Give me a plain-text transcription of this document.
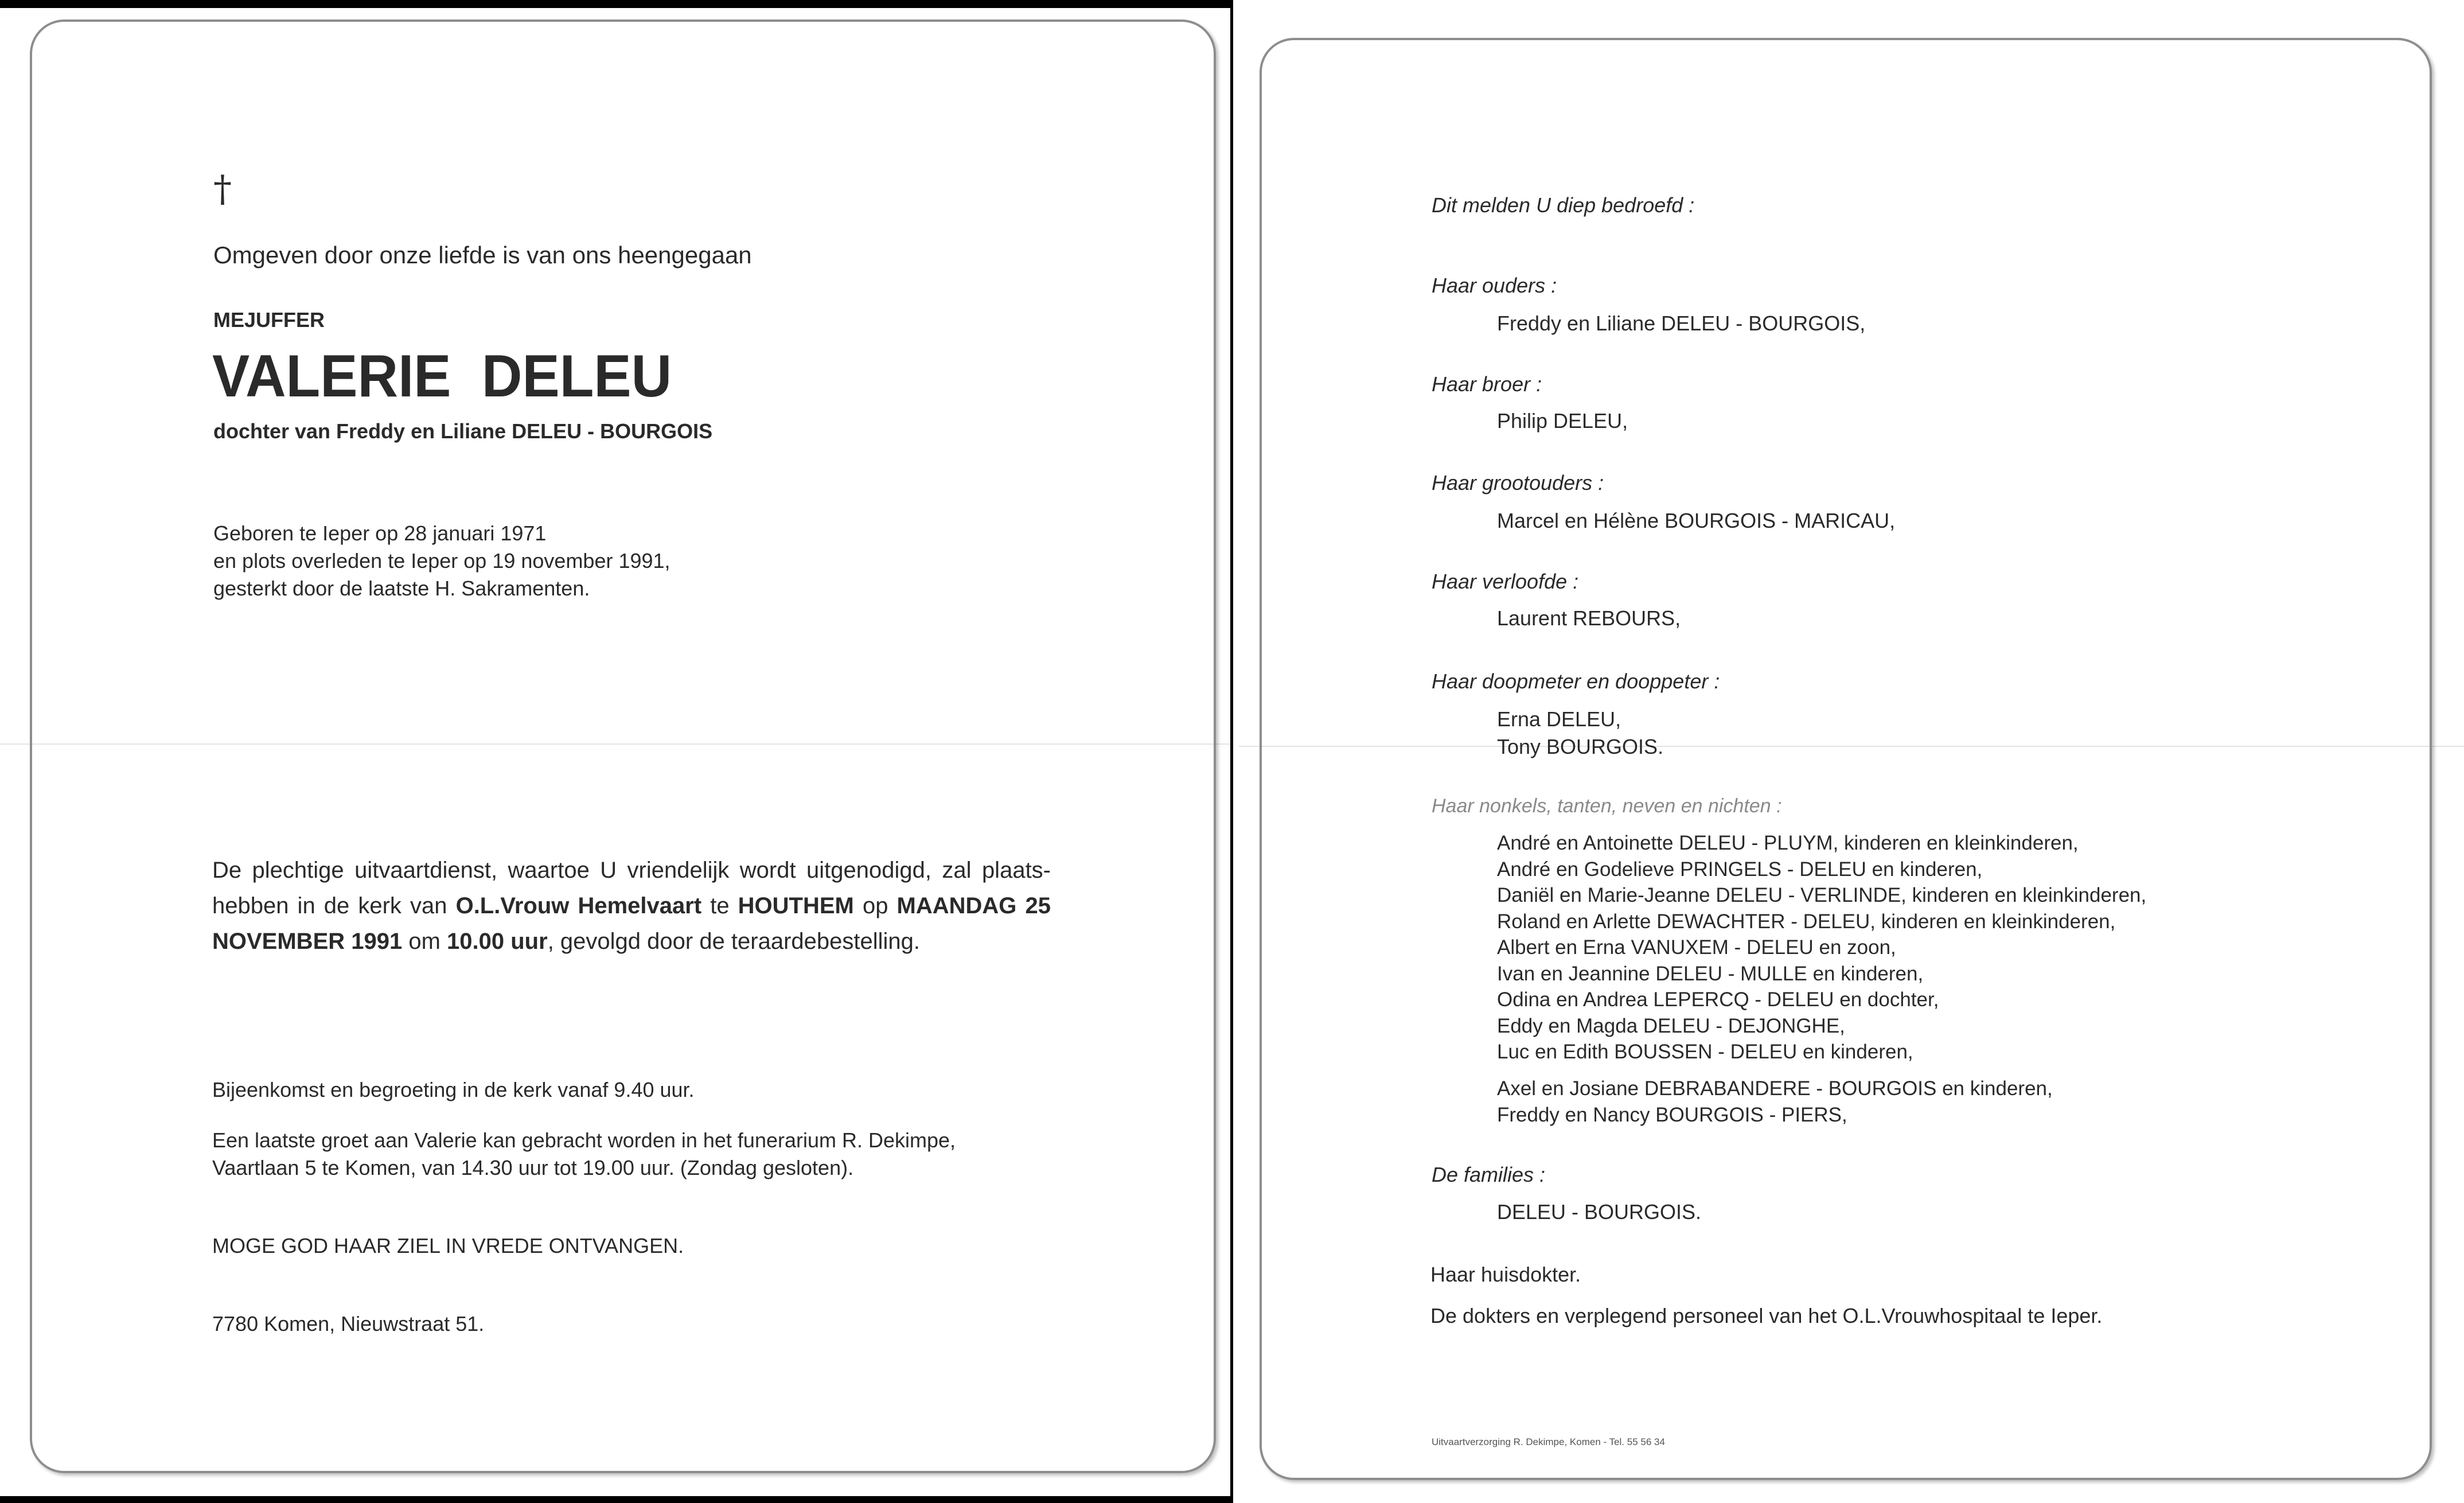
†
Omgeven door onze liefde is van ons heengegaan
MEJUFFER
VALERIE DELEU
dochter van Freddy en Liliane DELEU - BOURGOIS
Geboren te Ieper op 28 januari 1971
en plots overleden te Ieper op 19 november 1991,
gesterkt door de laatste H. Sakramenten.
De plechtige uitvaartdienst, waartoe U vriendelijk wordt uitgenodigd, zal plaats-hebben in de kerk van O.L.Vrouw Hemelvaart te HOUTHEM op MAANDAG 25 NOVEMBER 1991 om 10.00 uur, gevolgd door de teraardebestelling.
Bijeenkomst en begroeting in de kerk vanaf 9.40 uur.
Een laatste groet aan Valerie kan gebracht worden in het funerarium R. Dekimpe,
Vaartlaan 5 te Komen, van 14.30 uur tot 19.00 uur. (Zondag gesloten).
MOGE GOD HAAR ZIEL IN VREDE ONTVANGEN.
7780 Komen, Nieuwstraat 51.
Dit melden U diep bedroefd :
Haar ouders :
Freddy en Liliane DELEU - BOURGOIS,
Haar broer :
Philip DELEU,
Haar grootouders :
Marcel en Hélène BOURGOIS - MARICAU,
Haar verloofde :
Laurent REBOURS,
Haar doopmeter en dooppeter :
Erna DELEU,
Tony BOURGOIS.
Haar nonkels, tanten, neven en nichten :
André en Antoinette DELEU - PLUYM, kinderen en kleinkinderen,
André en Godelieve PRINGELS - DELEU en kinderen,
Daniël en Marie-Jeanne DELEU - VERLINDE, kinderen en kleinkinderen,
Roland en Arlette DEWACHTER - DELEU, kinderen en kleinkinderen,
Albert en Erna VANUXEM - DELEU en zoon,
Ivan en Jeannine DELEU - MULLE en kinderen,
Odina en Andrea LEPERCQ - DELEU en dochter,
Eddy en Magda DELEU - DEJONGHE,
Luc en Edith BOUSSEN - DELEU en kinderen,
Axel en Josiane DEBRABANDERE - BOURGOIS en kinderen,
Freddy en Nancy BOURGOIS - PIERS,
De families :
DELEU - BOURGOIS.
Haar huisdokter.
De dokters en verplegend personeel van het O.L.Vrouwhospitaal te Ieper.
Uitvaartverzorging R. Dekimpe, Komen - Tel. 55 56 34
